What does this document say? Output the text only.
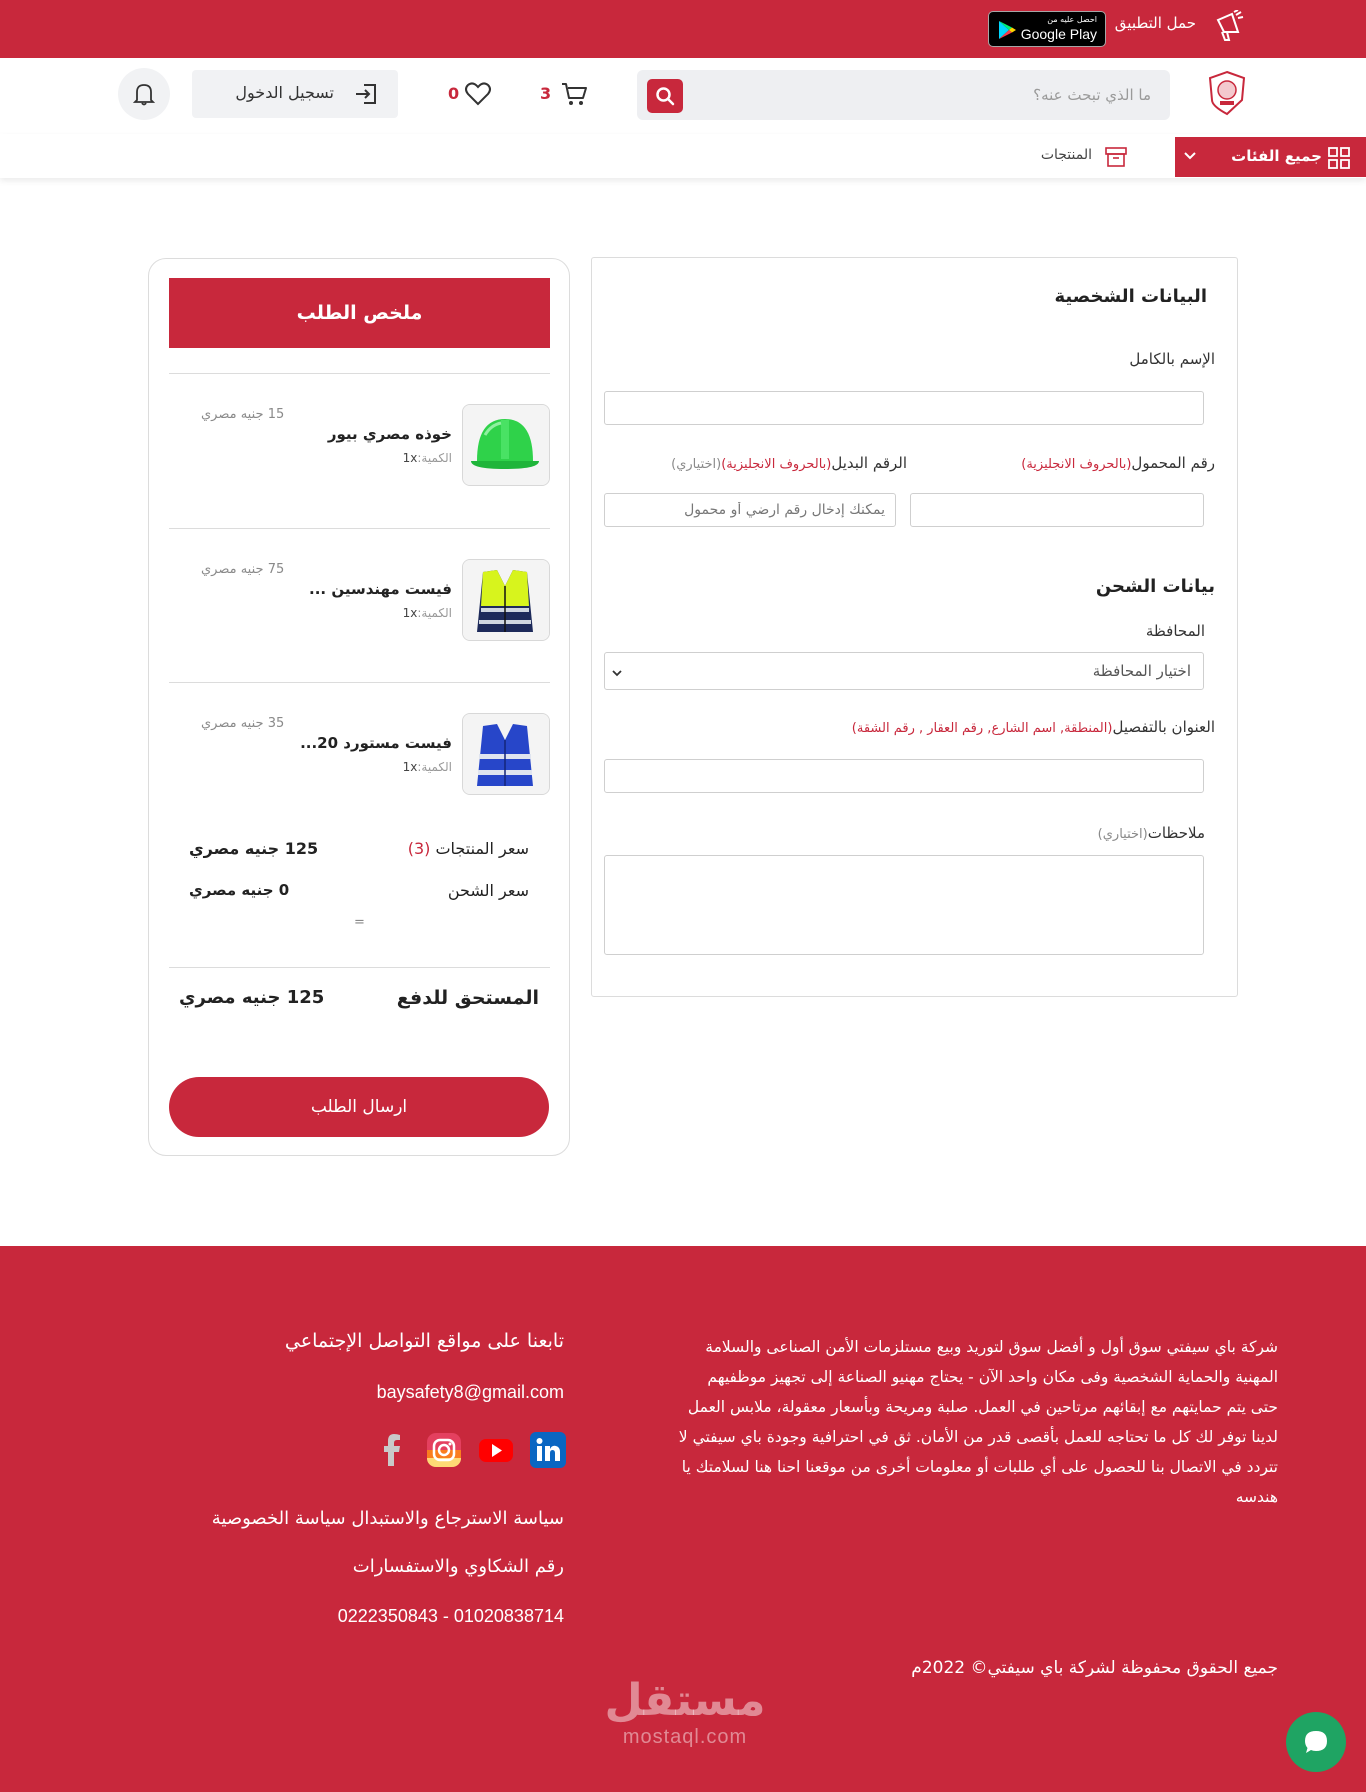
حمل التطبيق
احصل عليه من
Google Play
ما الذي تبحث عنه؟
3
0
تسجيل الدخول
جميع الفئات
المنتجات
البيانات الشخصية
الإسم بالكامل
رقم المحمول(بالحروف الانجليزية)
الرقم البديل(بالحروف الانجليزية)(اختياري)
يمكنك إدخال رقم ارضي أو محمول
بيانات الشحن
المحافظة
اختيار المحافظة
العنوان بالتفصيل(المنطقة, اسم الشارع, رقم العقار , رقم الشقة)
ملاحظات(اختياري)
ملخص الطلب
خوذه مصري بيور
الكمية:1x
15 جنيه مصري
فيست مهندسين ...
الكمية:1x
75 جنيه مصري
فيست مستورد 20...
الكمية:1x
35 جنيه مصري
سعر المنتجات (3)
125 جنيه مصري
سعر الشحن
0 جنيه مصري
=
المستحق للدفع
125 جنيه مصري
ارسال الطلب

شركة باي سيفتي سوق أول و أفضل سوق لتوريد وبيع مستلزمات الأمن الصناعى والسلامة المهنية والحماية الشخصية وفى مكان واحد الآن - يحتاج مهنيو الصناعة إلى تجهيز موظفيهم حتى يتم حمايتهم مع إبقائهم مرتاحين في العمل. صلبة ومريحة وبأسعار معقولة، ملابس العمل لدينا توفر لك كل ما تحتاجه للعمل بأقصى قدر من الأمان. ثق في احترافية وجودة باي سيفتي لا تتردد في الاتصال بنا للحصول على أي طلبات أو معلومات أخرى من موقعنا احنا هنا لسلامتك يا هندسه

تابعنا على مواقع التواصل الإجتماعي
baysafety8@gmail.com
سياسة الاسترجاع والاستبدال سياسة الخصوصية
رقم الشكاوي والاستفسارات
0222350843 - 01020838714
جميع الحقوق محفوظة لشركة باي سيفتي© 2022م
مستقل
mostaql.com
